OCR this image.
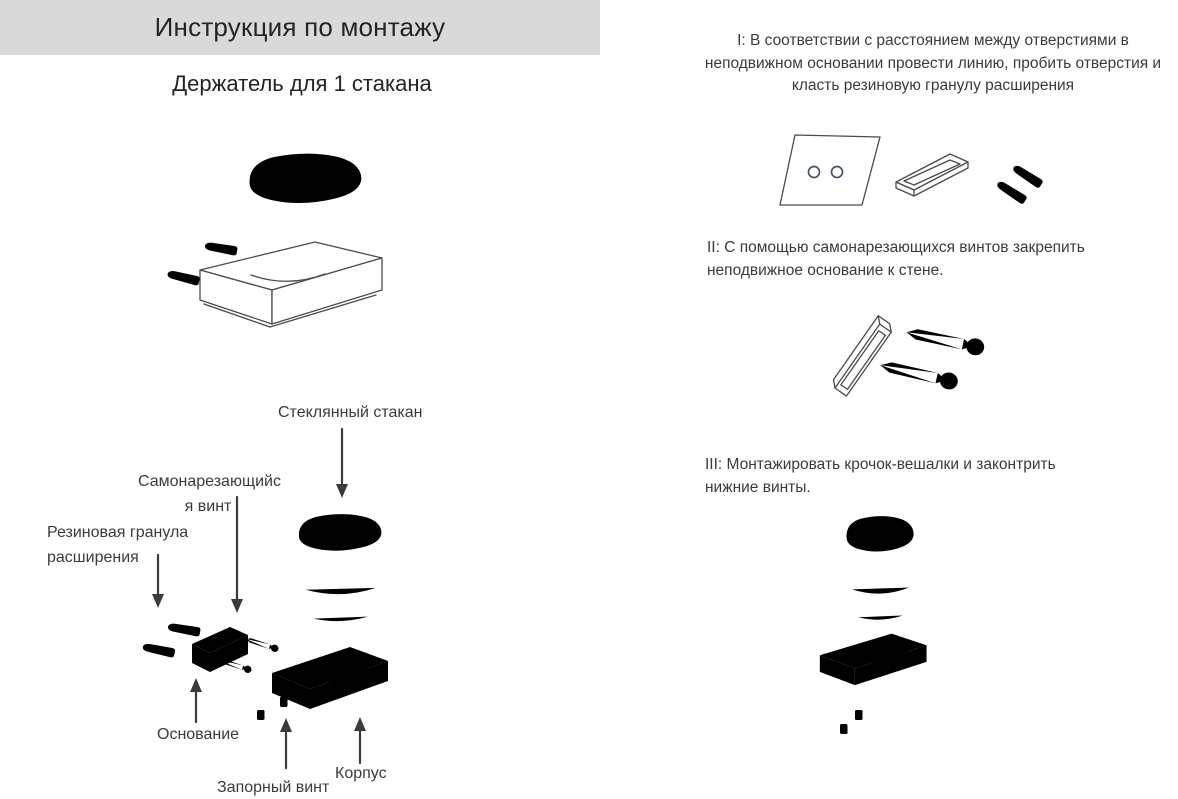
Инструкция по монтажу
Держатель для 1 стакана
Стеклянный стакан
Самонарезающийс
я винт
Резиновая гранула
расширения
Основание
Запорный винт
Корпус
I: В соответствии с расстоянием между отверстиями в неподвижном основании провести линию, пробить отверстия и класть резиновую гранулу расширения
II: С помощью самонарезающихся винтов закрепить неподвижное основание к стене.
III: Монтажировать крочок-вешалки и законтрить нижние винты.
